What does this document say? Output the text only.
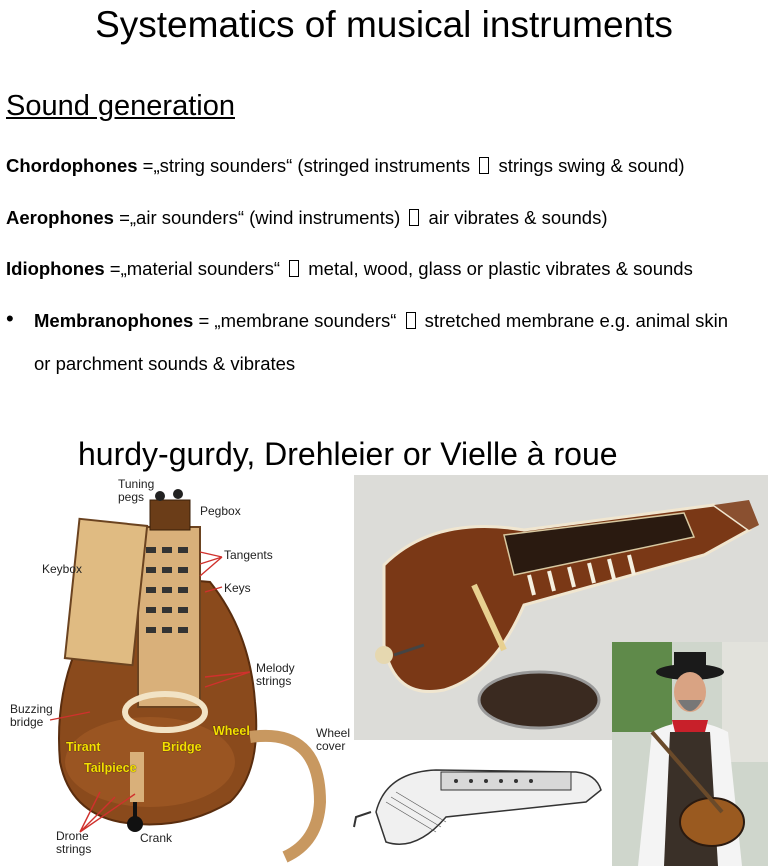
Systematics of musical instruments
Sound generation
Chordophones =„string sounders“ (stringed instruments  strings swing & sound)
Aerophones =„air sounders“ (wind instruments)  air vibrates & sounds)
Idiophones =„material sounders“  metal, wood, glass or plastic vibrates & sounds
• Membranophones = „membrane sounders“  stretched membrane e.g. animal skin
or parchment sounds & vibrates
hurdy-gurdy, Drehleier or Vielle à roue
Tuning
pegs
Pegbox
Keybox
Tangents
Keys
Melody
strings
Buzzing
bridge
Wheel
Tirant	Bridge
Tailpiece
Wheel
cover
Drone
strings
Crank
